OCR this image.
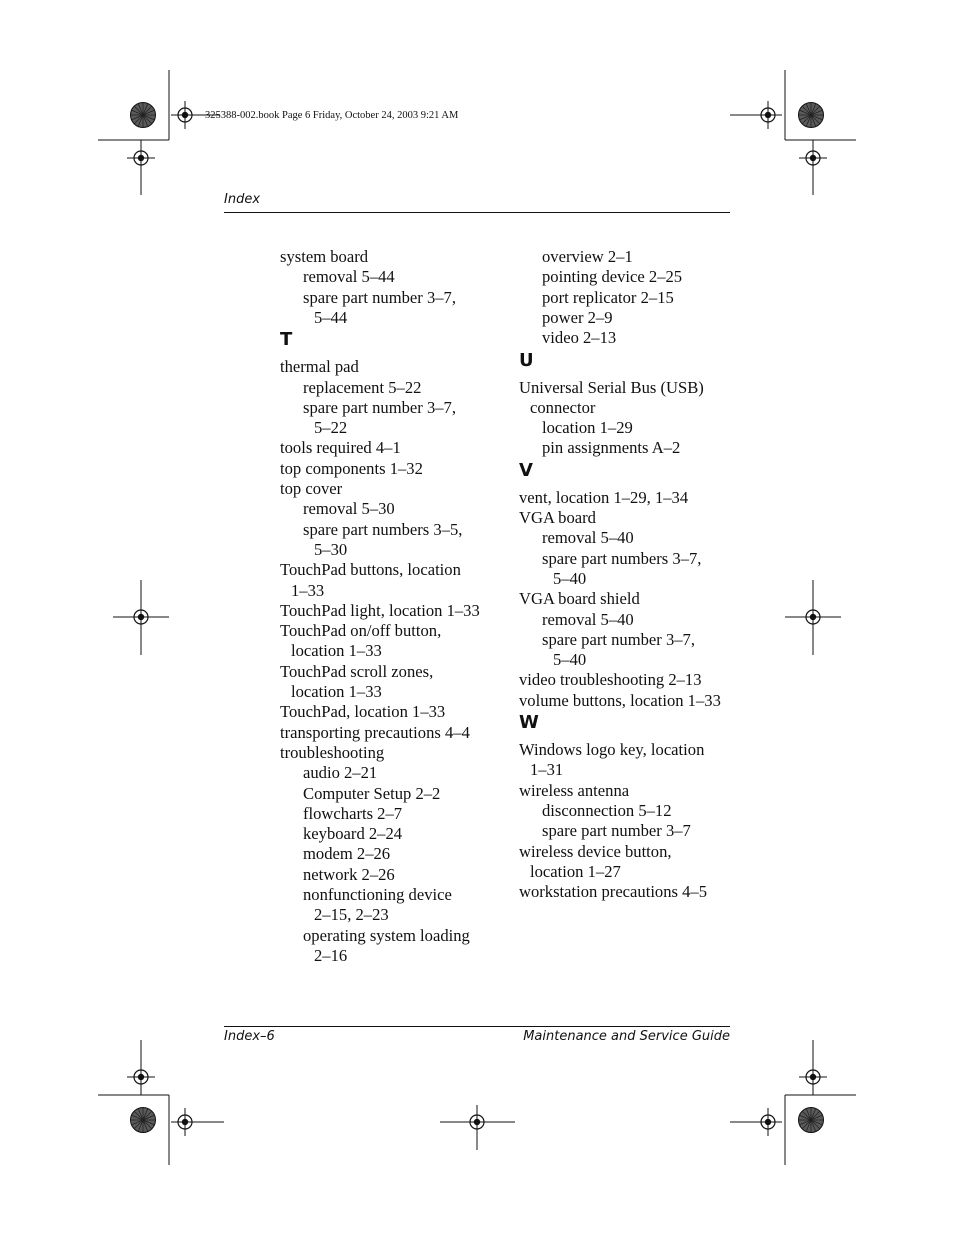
325388-002.book Page 6 Friday, October 24, 2003 9:21 AM
Index
system board
removal 5–44
spare part number 3–7,
5–44
T
thermal pad
replacement 5–22
spare part number 3–7,
5–22
tools required 4–1
top components 1–32
top cover
removal 5–30
spare part numbers 3–5,
5–30
TouchPad buttons, location
1–33
TouchPad light, location 1–33
TouchPad on/off button,
location 1–33
TouchPad scroll zones,
location 1–33
TouchPad, location 1–33
transporting precautions 4–4
troubleshooting
audio 2–21
Computer Setup 2–2
flowcharts 2–7
keyboard 2–24
modem 2–26
network 2–26
nonfunctioning device
2–15, 2–23
operating system loading
2–16
overview 2–1
pointing device 2–25
port replicator 2–15
power 2–9
video 2–13
U
Universal Serial Bus (USB)
connector
location 1–29
pin assignments A–2
V
vent, location 1–29, 1–34
VGA board
removal 5–40
spare part numbers 3–7,
5–40
VGA board shield
removal 5–40
spare part number 3–7,
5–40
video troubleshooting 2–13
volume buttons, location 1–33
W
Windows logo key, location
1–31
wireless antenna
disconnection 5–12
spare part number 3–7
wireless device button,
location 1–27
workstation precautions 4–5
Index–6	Maintenance and Service Guide
